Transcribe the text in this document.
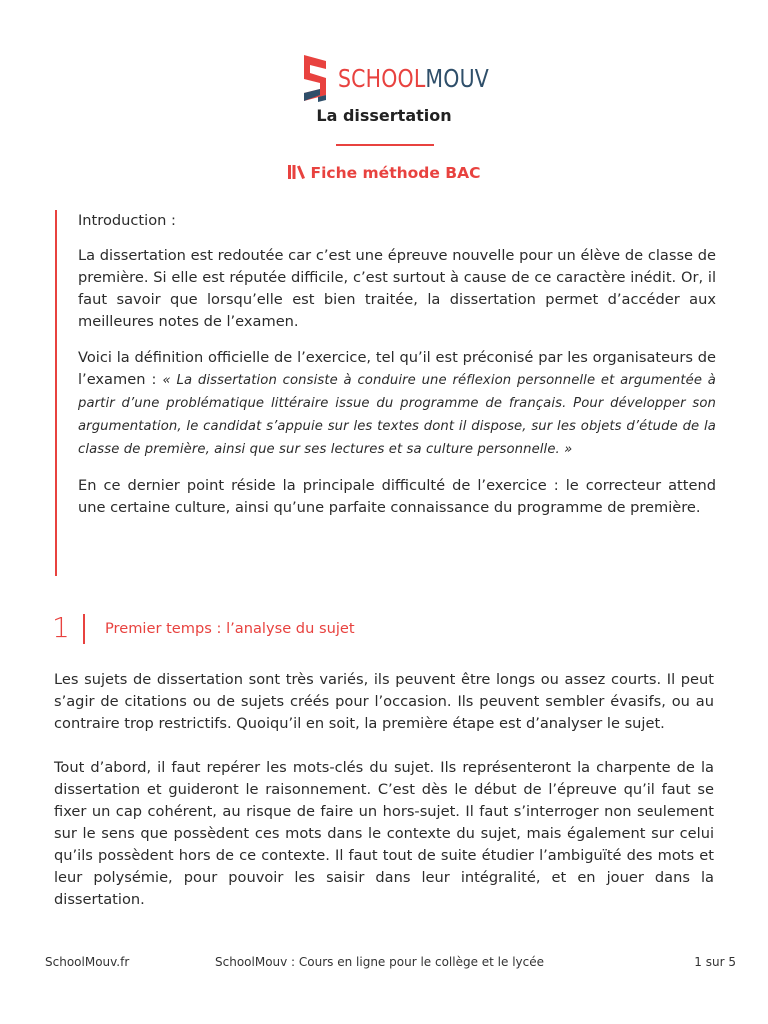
SCHOOL MOUV
La dissertation
Fiche méthode BAC

Introduction :

La dissertation est redoutée car c’est une épreuve nouvelle pour un élève de classe de première. Si elle est réputée difficile, c’est surtout à cause de ce caractère inédit. Or, il faut savoir que lorsqu’elle est bien traitée, la dissertation permet d’accéder aux meilleures notes de l’examen.

Voici la définition officielle de l’exercice, tel qu’il est préconisé par les organisateurs de l’examen : « La dissertation consiste à conduire une réflexion personnelle et argumentée à partir d’une problématique littéraire issue du programme de français. Pour développer son argumentation, le candidat s’appuie sur les textes dont il dispose, sur les objets d’étude de la classe de première, ainsi que sur ses lectures et sa culture personnelle. »

En ce dernier point réside la principale difficulté de l’exercice : le correcteur attend une certaine culture, ainsi qu’une parfaite connaissance du programme de première.

1 Premier temps : l’analyse du sujet

Les sujets de dissertation sont très variés, ils peuvent être longs ou assez courts. Il peut s’agir de citations ou de sujets créés pour l’occasion. Ils peuvent sembler évasifs, ou au contraire trop restrictifs. Quoiqu’il en soit, la première étape est d’analyser le sujet.

Tout d’abord, il faut repérer les mots-clés du sujet. Ils représenteront la charpente de la dissertation et guideront le raisonnement. C’est dès le début de l’épreuve qu’il faut se fixer un cap cohérent, au risque de faire un hors-sujet. Il faut s’interroger non seulement sur le sens que possèdent ces mots dans le contexte du sujet, mais également sur celui qu’ils possèdent hors de ce contexte. Il faut tout de suite étudier l’ambiguïté des mots et leur polysémie, pour pouvoir les saisir dans leur intégralité, et en jouer dans la dissertation.

SchoolMouv.fr	SchoolMouv : Cours en ligne pour le collège et le lycée	1 sur 5
